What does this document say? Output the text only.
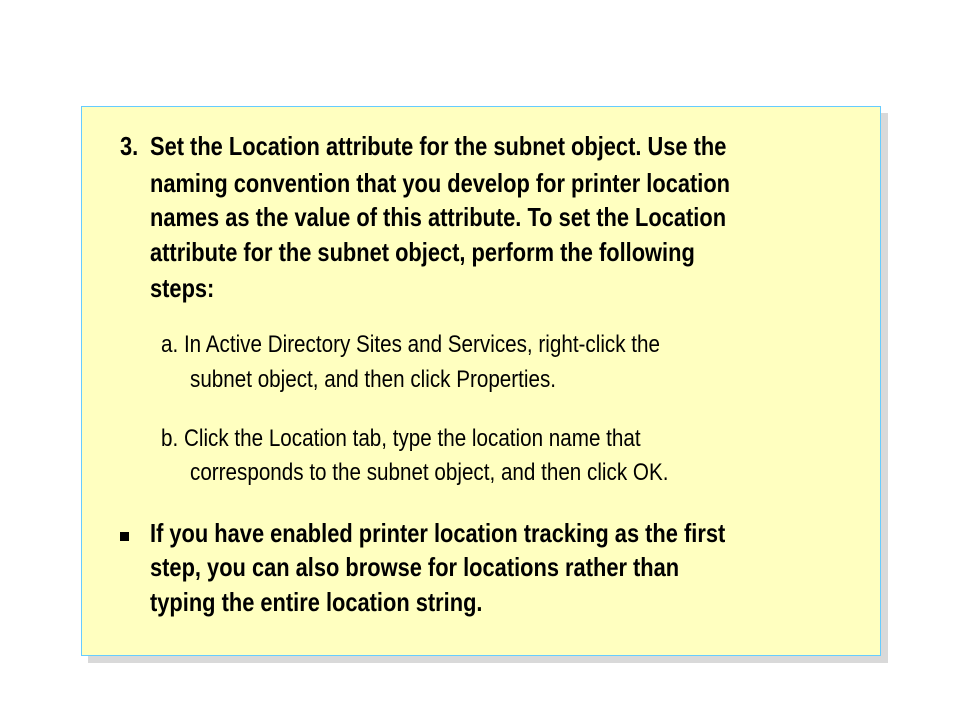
3. Set the Location attribute for the subnet object. Use the
naming convention that you develop for printer location
names as the value of this attribute. To set the Location
attribute for the subnet object, perform the following
steps:
a. In Active Directory Sites and Services, right-click the
subnet object, and then click Properties.
b. Click the Location tab, type the location name that
corresponds to the subnet object, and then click OK.
If you have enabled printer location tracking as the first
step, you can also browse for locations rather than
typing the entire location string.
